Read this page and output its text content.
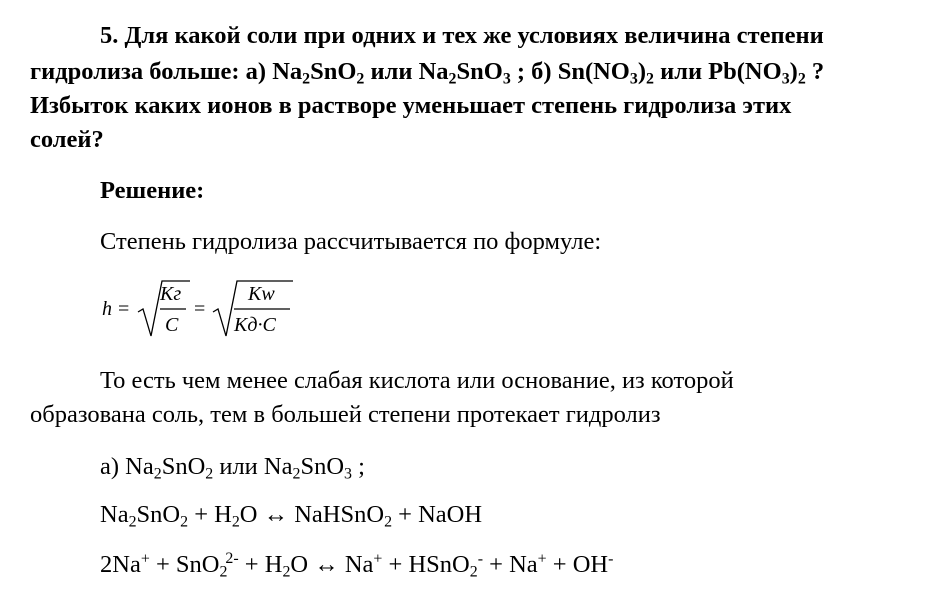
5. Для какой соли при одних и тех же условиях величина степени
гидролиза больше: а) $Na_2SnO_2$ или $Na_2SnO_3$ ; б) $Sn(NO_3)_2$ или $Pb(NO_3)_2$ ?
Избыток каких ионов в растворе уменьшает степень гидролиза этих
солей?
Решение:
Степень гидролиза рассчитывается по формуле:
h =
Kг
C
=
Kw
Kд·C
То есть чем менее слабая кислота или основание, из которой
образована соль, тем в большей степени протекает гидролиз
а) $Na_2SnO_2$ или $Na_2SnO_3$ ;
$Na_2SnO_2 + H_2O$ ↔ NaHSnO$_2$ + NaOH
$2Na^+ + SnO_2^{2-} + H_2O$ ↔ Na+ + HSnO$_2$- + Na+ + OH-
